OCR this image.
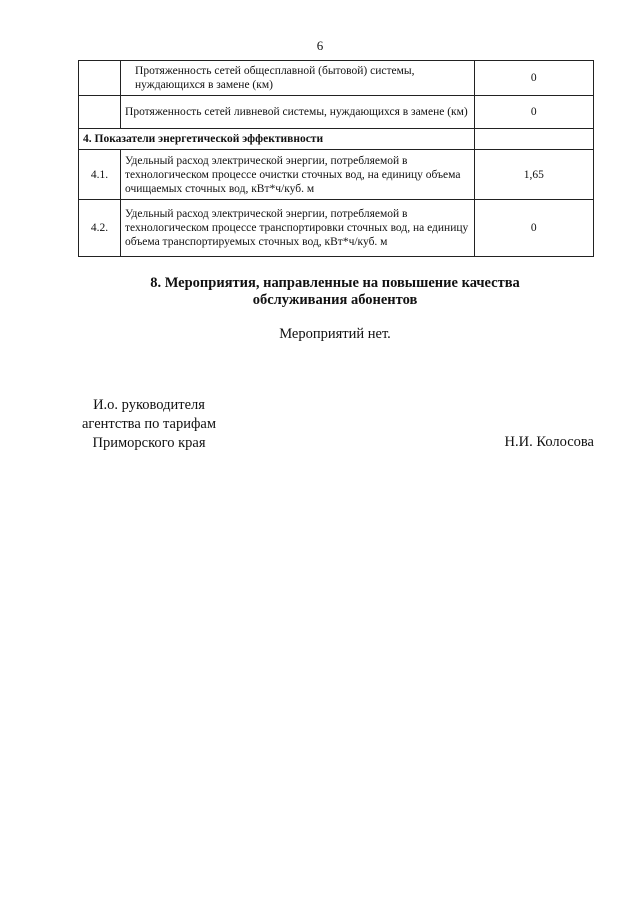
6
	Протяженность сетей общесплавной (бытовой) системы, нуждающихся в замене (км)	0
	Протяженность сетей ливневой системы, нуждающихся в замене (км)	0
4. Показатели энергетической эффективности		
4.1.	Удельный расход электрической энергии, потребляемой в технологическом процессе очистки сточных вод, на единицу объема очищаемых сточных вод, кВт*ч/куб. м	1,65
4.2.	Удельный расход электрической энергии, потребляемой в технологическом процессе транспортировки сточных вод, на единицу объема транспортируемых сточных вод, кВт*ч/куб. м	0
8. Мероприятия, направленные на повышение качества
обслуживания абонентов
Мероприятий нет.
И.о. руководителя
агентства по тарифам
Приморского края	Н.И. Колосова
